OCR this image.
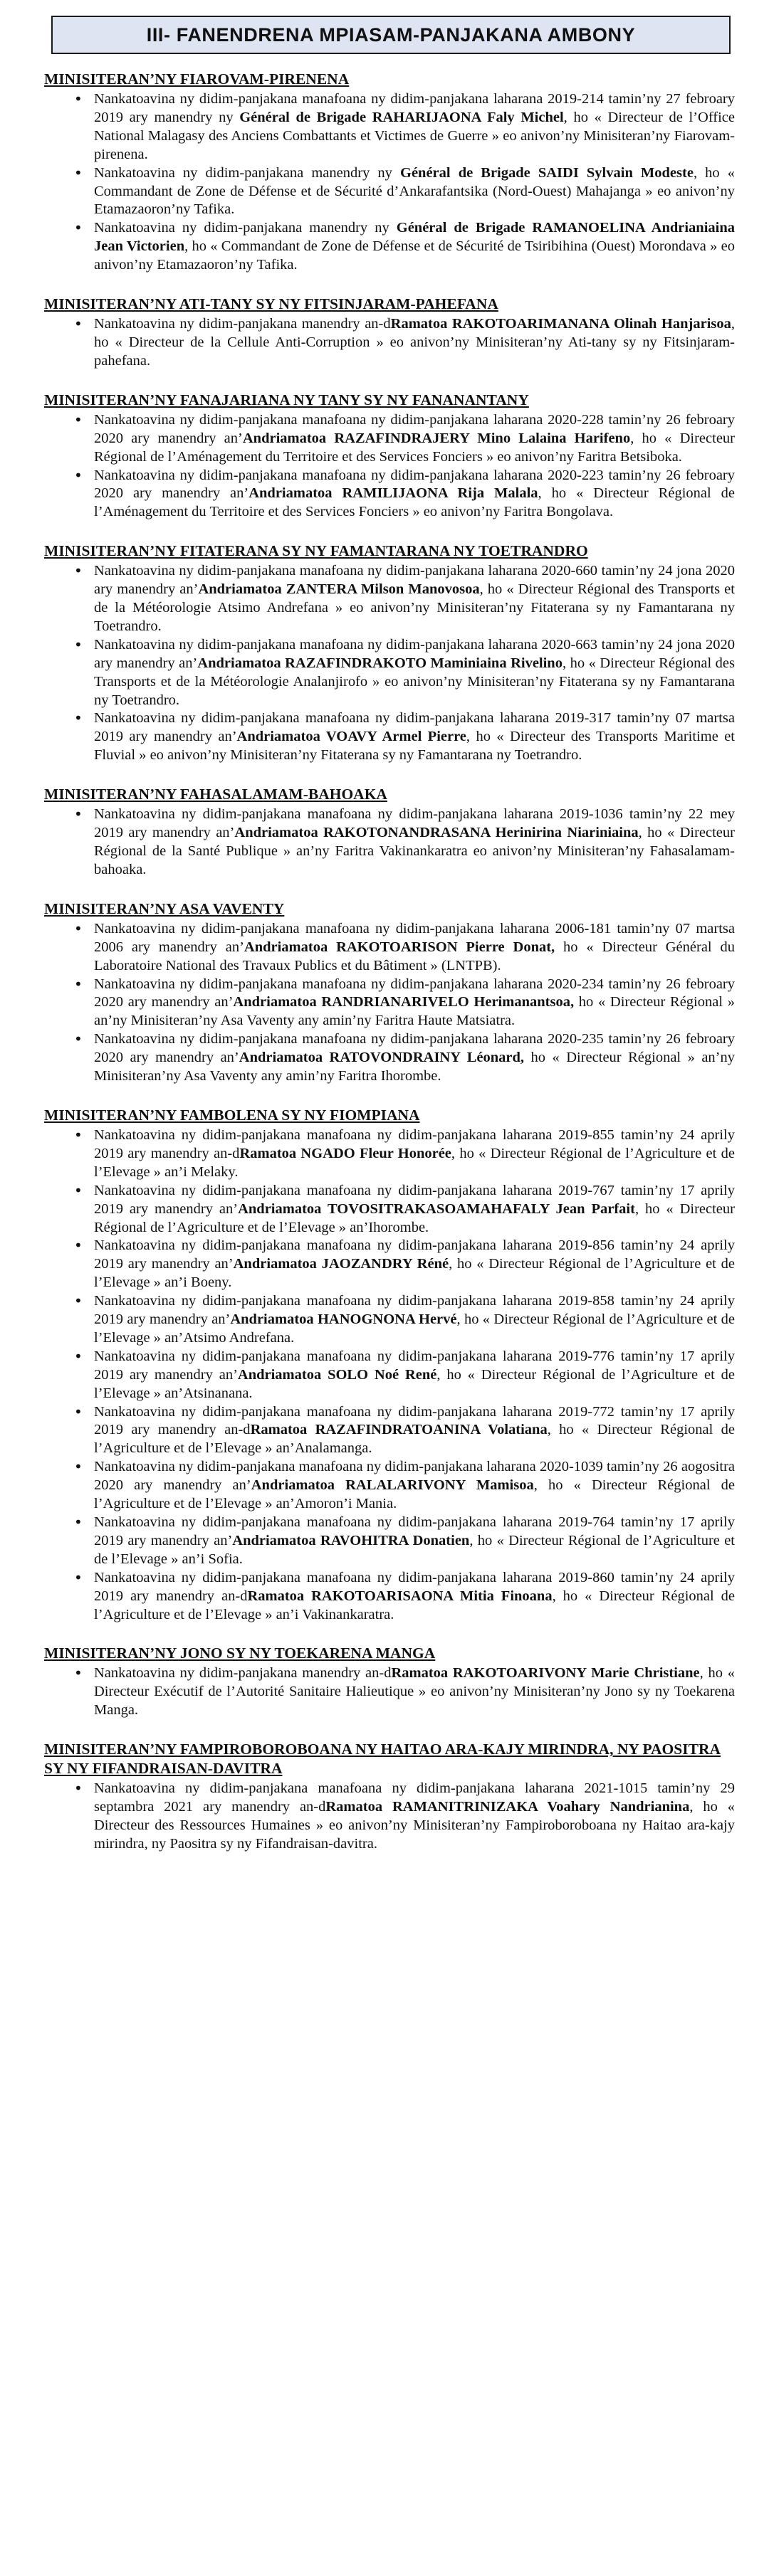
III- FANENDRENA MPIASAM-PANJAKANA AMBONY
MINISITERAN’NY FIAROVAM-PIRENENA
• Nankatoavina ny didim-panjakana manafoana ny didim-panjakana laharana 2019-214 tamin’ny 27 febroary 2019 ary manendry ny Général de Brigade RAHARIJAONA Faly Michel, ho « Directeur de l’Office National Malagasy des Anciens Combattants et Victimes de Guerre » eo anivon’ny Minisiteran’ny Fiarovam-pirenena.
• Nankatoavina ny didim-panjakana manendry ny Général de Brigade SAIDI Sylvain Modeste, ho « Commandant de Zone de Défense et de Sécurité d’Ankarafantsika (Nord-Ouest) Mahajanga » eo anivon’ny Etamazaoron’ny Tafika.
• Nankatoavina ny didim-panjakana manendry ny Général de Brigade RAMANOELINA Andrianiaina Jean Victorien, ho « Commandant de Zone de Défense et de Sécurité de Tsiribihina (Ouest) Morondava » eo anivon’ny Etamazaoron’ny Tafika.
MINISITERAN’NY ATI-TANY SY NY FITSINJARAM-PAHEFANA
• Nankatoavina ny didim-panjakana manendry an-dRamatoa RAKOTOARIMANANA Olinah Hanjarisoa, ho « Directeur de la Cellule Anti-Corruption » eo anivon’ny Minisiteran’ny Ati-tany sy ny Fitsinjaram-pahefana.
MINISITERAN’NY FANAJARIANA NY TANY SY NY FANANANTANY
• Nankatoavina ny didim-panjakana manafoana ny didim-panjakana laharana 2020-228 tamin’ny 26 febroary 2020 ary manendry an’Andriamatoa RAZAFINDRAJERY Mino Lalaina Harifeno, ho « Directeur Régional de l’Aménagement du Territoire et des Services Fonciers » eo anivon’ny Faritra Betsiboka.
• Nankatoavina ny didim-panjakana manafoana ny didim-panjakana laharana 2020-223 tamin’ny 26 febroary 2020 ary manendry an’Andriamatoa RAMILIJAONA Rija Malala, ho « Directeur Régional de l’Aménagement du Territoire et des Services Fonciers » eo anivon’ny Faritra Bongolava.
MINISITERAN’NY FITATERANA SY NY FAMANTARANA NY TOETRANDRO
• Nankatoavina ny didim-panjakana manafoana ny didim-panjakana laharana 2020-660 tamin’ny 24 jona 2020 ary manendry an’Andriamatoa ZANTERA Milson Manovosoa, ho « Directeur Régional des Transports et de la Météorologie Atsimo Andrefana » eo anivon’ny Minisiteran’ny Fitaterana sy ny Famantarana ny Toetrandro.
• Nankatoavina ny didim-panjakana manafoana ny didim-panjakana laharana 2020-663 tamin’ny 24 jona 2020 ary manendry an’Andriamatoa RAZAFINDRAKOTO Maminiaina Rivelino, ho « Directeur Régional des Transports et de la Météorologie Analanjirofo » eo anivon’ny Minisiteran’ny Fitaterana sy ny Famantarana ny Toetrandro.
• Nankatoavina ny didim-panjakana manafoana ny didim-panjakana laharana 2019-317 tamin’ny 07 martsa 2019 ary manendry an’Andriamatoa VOAVY Armel Pierre, ho « Directeur des Transports Maritime et Fluvial » eo anivon’ny Minisiteran’ny Fitaterana sy ny Famantarana ny Toetrandro.
MINISITERAN’NY FAHASALAMAM-BAHOAKA
• Nankatoavina ny didim-panjakana manafoana ny didim-panjakana laharana 2019-1036 tamin’ny 22 mey 2019 ary manendry an’Andriamatoa RAKOTONANDRASANA Herinirina Niariniaina, ho « Directeur Régional de la Santé Publique » an’ny Faritra Vakinankaratra eo anivon’ny Minisiteran’ny Fahasalamam-bahoaka.
MINISITERAN’NY ASA VAVENTY
• Nankatoavina ny didim-panjakana manafoana ny didim-panjakana laharana 2006-181 tamin’ny 07 martsa 2006 ary manendry an’Andriamatoa RAKOTOARISON Pierre Donat, ho « Directeur Général du Laboratoire National des Travaux Publics et du Bâtiment » (LNTPB).
• Nankatoavina ny didim-panjakana manafoana ny didim-panjakana laharana 2020-234 tamin’ny 26 febroary 2020 ary manendry an’Andriamatoa RANDRIANARIVELO Herimanantsoa, ho « Directeur Régional » an’ny Minisiteran’ny Asa Vaventy any amin’ny Faritra Haute Matsiatra.
• Nankatoavina ny didim-panjakana manafoana ny didim-panjakana laharana 2020-235 tamin’ny 26 febroary 2020 ary manendry an’Andriamatoa RATOVONDRAINY Léonard, ho « Directeur Régional » an’ny Minisiteran’ny Asa Vaventy any amin’ny Faritra Ihorombe.
MINISITERAN’NY FAMBOLENA SY NY FIOMPIANA
• Nankatoavina ny didim-panjakana manafoana ny didim-panjakana laharana 2019-855 tamin’ny 24 aprily 2019 ary manendry an-dRamatoa NGADO Fleur Honorée, ho « Directeur Régional de l’Agriculture et de l’Elevage » an’i Melaky.
• Nankatoavina ny didim-panjakana manafoana ny didim-panjakana laharana 2019-767 tamin’ny 17 aprily 2019 ary manendry an’Andriamatoa TOVOSITRAKASOAMAHAFALY Jean Parfait, ho « Directeur Régional de l’Agriculture et de l’Elevage » an’Ihorombe.
• Nankatoavina ny didim-panjakana manafoana ny didim-panjakana laharana 2019-856 tamin’ny 24 aprily 2019 ary manendry an’Andriamatoa JAOZANDRY Réné, ho « Directeur Régional de l’Agriculture et de l’Elevage » an’i Boeny.
• Nankatoavina ny didim-panjakana manafoana ny didim-panjakana laharana 2019-858 tamin’ny 24 aprily 2019 ary manendry an’Andriamatoa HANOGNONA Hervé, ho « Directeur Régional de l’Agriculture et de l’Elevage » an’Atsimo Andrefana.
• Nankatoavina ny didim-panjakana manafoana ny didim-panjakana laharana 2019-776 tamin’ny 17 aprily 2019 ary manendry an’Andriamatoa SOLO Noé René, ho « Directeur Régional de l’Agriculture et de l’Elevage » an’Atsinanana.
• Nankatoavina ny didim-panjakana manafoana ny didim-panjakana laharana 2019-772 tamin’ny 17 aprily 2019 ary manendry an-dRamatoa RAZAFINDRATOANINA Volatiana, ho « Directeur Régional de l’Agriculture et de l’Elevage » an’Analamanga.
• Nankatoavina ny didim-panjakana manafoana ny didim-panjakana laharana 2020-1039 tamin’ny 26 aogositra 2020 ary manendry an’Andriamatoa RALALARIVONY Mamisoa, ho « Directeur Régional de l’Agriculture et de l’Elevage » an’Amoron’i Mania.
• Nankatoavina ny didim-panjakana manafoana ny didim-panjakana laharana 2019-764 tamin’ny 17 aprily 2019 ary manendry an’Andriamatoa RAVOHITRA Donatien, ho « Directeur Régional de l’Agriculture et de l’Elevage » an’i Sofia.
• Nankatoavina ny didim-panjakana manafoana ny didim-panjakana laharana 2019-860 tamin’ny 24 aprily 2019 ary manendry an-dRamatoa RAKOTOARISAONA Mitia Finoana, ho « Directeur Régional de l’Agriculture et de l’Elevage » an’i Vakinankaratra.
MINISITERAN’NY JONO SY NY TOEKARENA MANGA
• Nankatoavina ny didim-panjakana manendry an-dRamatoa RAKOTOARIVONY Marie Christiane, ho « Directeur Exécutif de l’Autorité Sanitaire Halieutique » eo anivon’ny Minisiteran’ny Jono sy ny Toekarena Manga.
MINISITERAN’NY FAMPIROBOROBOANA NY HAITAO ARA-KAJY MIRINDRA, NY PAOSITRA SY NY FIFANDRAISAN-DAVITRA
• Nankatoavina ny didim-panjakana manafoana ny didim-panjakana laharana 2021-1015 tamin’ny 29 septambra 2021 ary manendry an-dRamatoa RAMANITRINIZAKA Voahary Nandrianina, ho « Directeur des Ressources Humaines » eo anivon’ny Minisiteran’ny Fampiroboroboana ny Haitao ara-kajy mirindra, ny Paositra sy ny Fifandraisan-davitra.
